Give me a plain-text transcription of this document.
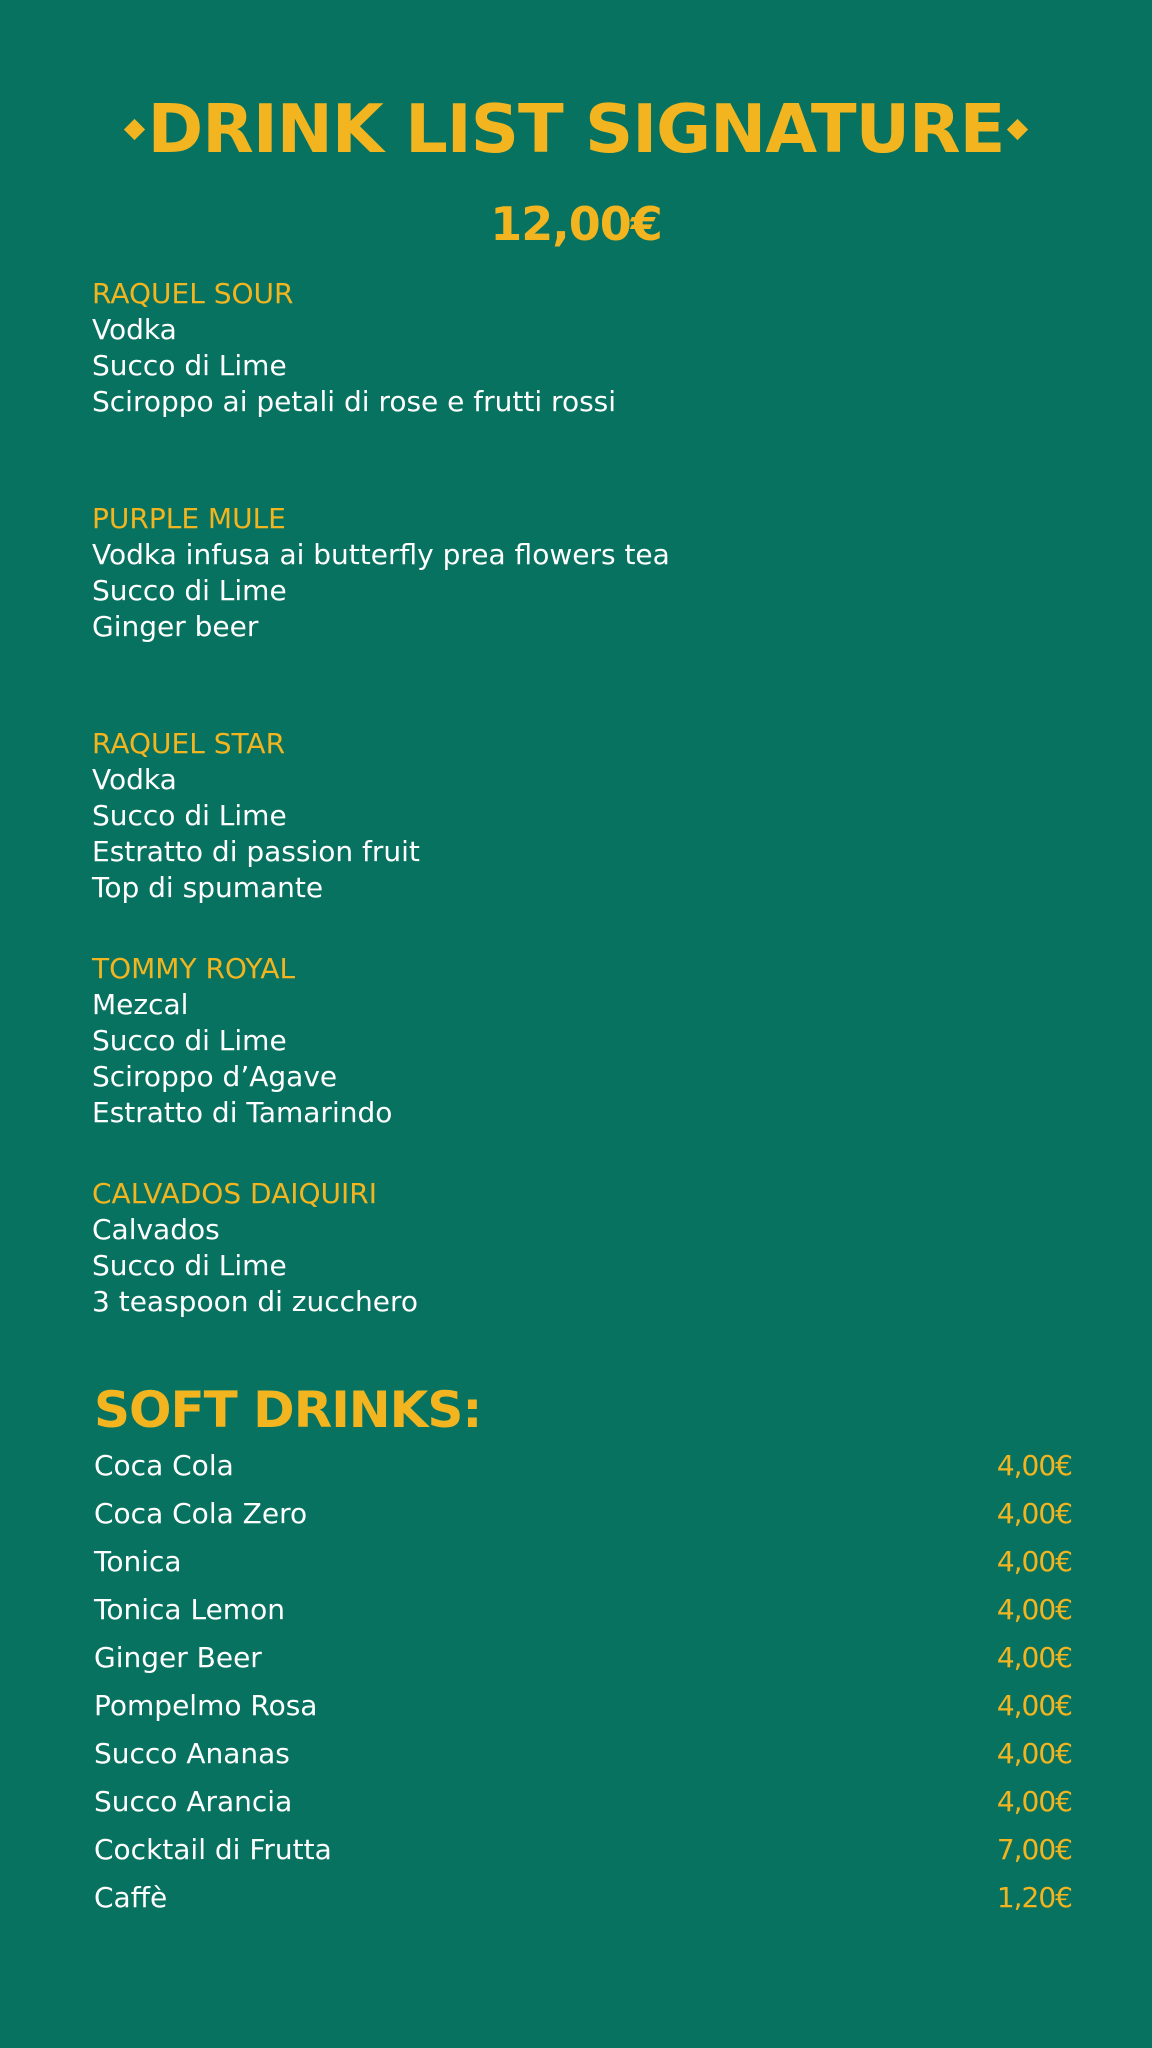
DRINK LIST SIGNATURE
12,00€
RAQUEL SOUR
Vodka
Succo di Lime
Sciroppo ai petali di rose e frutti rossi
PURPLE MULE
Vodka infusa ai butterfly prea flowers tea
Succo di Lime
Ginger beer
RAQUEL STAR
Vodka
Succo di Lime
Estratto di passion fruit
Top di spumante
TOMMY ROYAL
Mezcal
Succo di Lime
Sciroppo d’Agave
Estratto di Tamarindo
CALVADOS DAIQUIRI
Calvados
Succo di Lime
3 teaspoon di zucchero
SOFT DRINKS:
Coca Cola	4,00€
Coca Cola Zero	4,00€
Tonica	4,00€
Tonica Lemon	4,00€
Ginger Beer	4,00€
Pompelmo Rosa	4,00€
Succo Ananas	4,00€
Succo Arancia	4,00€
Cocktail di Frutta	7,00€
Caffè	1,20€
